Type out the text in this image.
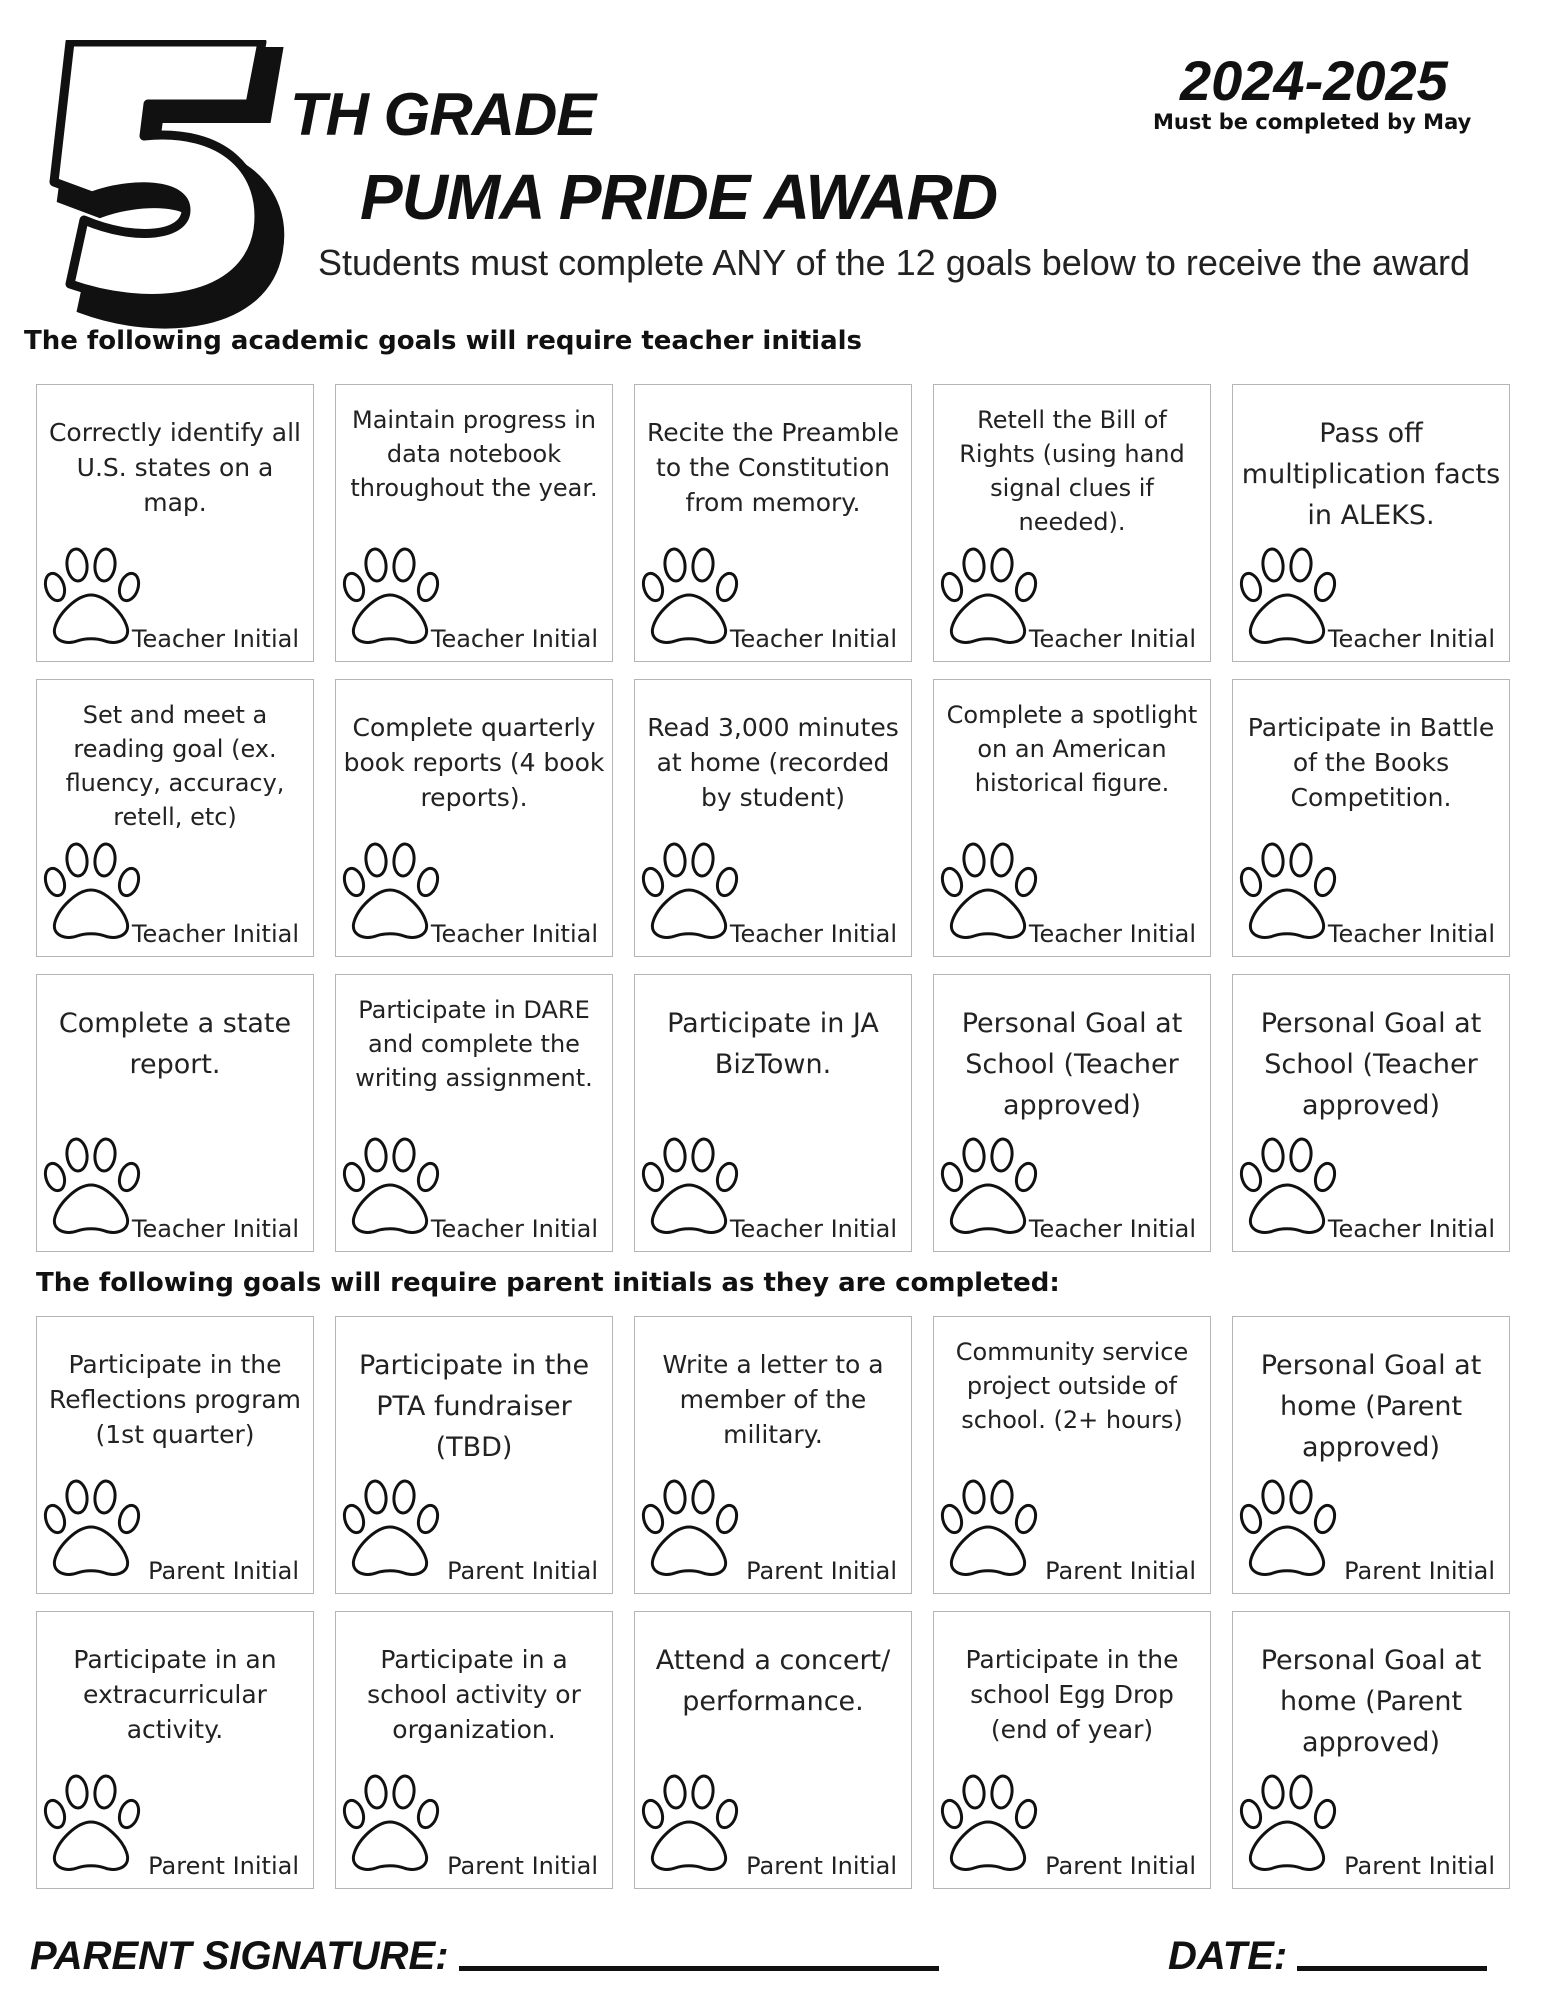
5
TH GRADE
PUMA PRIDE AWARD
2024-2025
Must be completed by May
Students must complete ANY of the 12 goals below to receive the award
The following academic goals will require teacher initials
Correctly identify all U.S. states on a map.
Teacher Initial
Maintain progress in data notebook throughout the year.
Teacher Initial
Recite the Preamble to the Constitution from memory.
Teacher Initial
Retell the Bill of Rights (using hand signal clues if needed).
Teacher Initial
Pass off multiplication facts in ALEKS.
Teacher Initial
Set and meet a reading goal (ex. fluency, accuracy, retell, etc)
Teacher Initial
Complete quarterly book reports (4 book reports).
Teacher Initial
Read 3,000 minutes at home (recorded by student)
Teacher Initial
Complete a spotlight on an American historical figure.
Teacher Initial
Participate in Battle of the Books Competition.
Teacher Initial
Complete a state report.
Teacher Initial
Participate in DARE and complete the writing assignment.
Teacher Initial
Participate in JA BizTown.
Teacher Initial
Personal Goal at School (Teacher approved)
Teacher Initial
Personal Goal at School (Teacher approved)
Teacher Initial
The following goals will require parent initials as they are completed:
Participate in the Reflections program (1st quarter)
Parent Initial
Participate in the PTA fundraiser (TBD)
Parent Initial
Write a letter to a member of the military.
Parent Initial
Community service project outside of school. (2+ hours)
Parent Initial
Personal Goal at home (Parent approved)
Parent Initial
Participate in an extracurricular activity.
Parent Initial
Participate in a school activity or organization.
Parent Initial
Attend a concert/ performance.
Parent Initial
Participate in the school Egg Drop (end of year)
Parent Initial
Personal Goal at home (Parent approved)
Parent Initial
PARENT SIGNATURE:	DATE:
